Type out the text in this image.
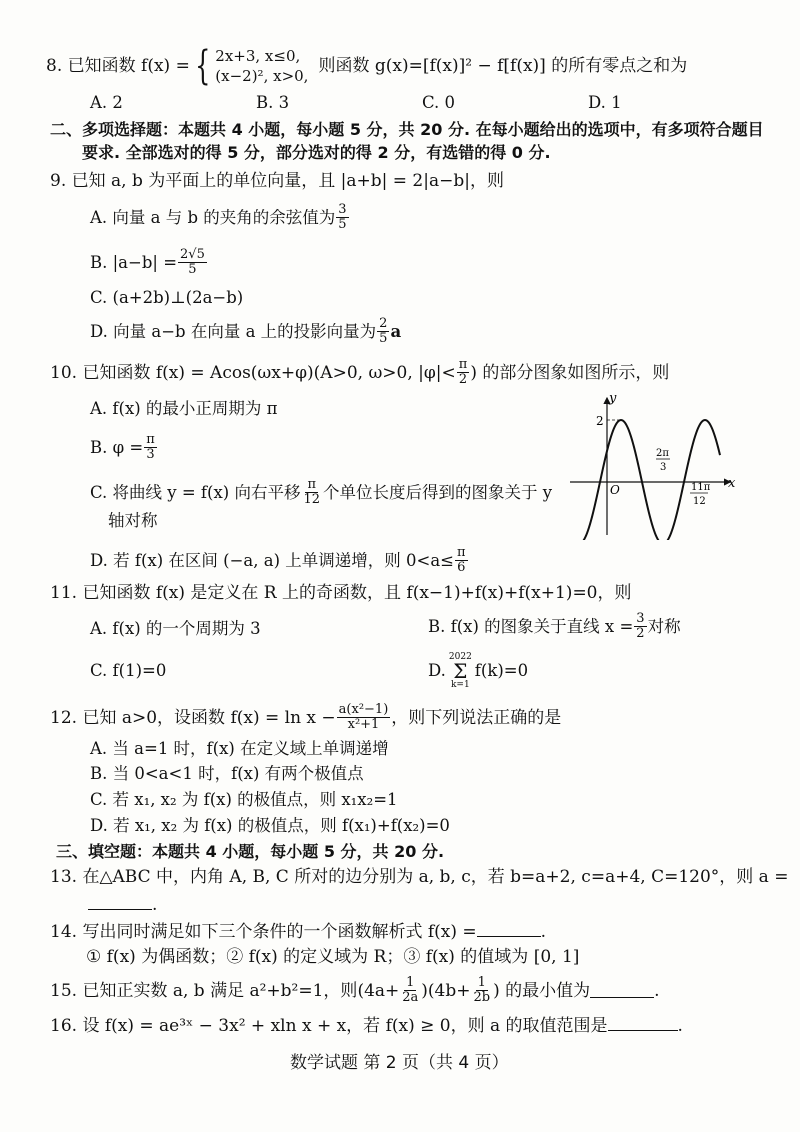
8. 已知函数 f(x) = { 2x+3, x≤0,
(x−2)², x>0, 则函数 g(x)=[f(x)]² − f[f(x)] 的所有零点之和为
A. 2	B. 3	C. 0	D. 1
二、多项选择题：本题共 4 小题，每小题 5 分，共 20 分. 在每小题给出的选项中，有多项符合题目
要求. 全部选对的得 5 分，部分选对的得 2 分，有选错的得 0 分.
9. 已知 a, b 为平面上的单位向量，且 |a+b| = 2|a−b|，则
A. 向量 a 与 b 的夹角的余弦值为 $\frac{3}{5}$
B. $|a-b| = \frac{2√5}{5}$
C. (a+2b)⊥(2a−b)
D. 向量 a−b 在向量 a 上的投影向量为 $\frac{2}{5}$ a
10. 已知函数 f(x) = Acos(ωx+φ) (A>0, ω>0, $|\varphi|< \frac{\pi}{2}$ ) 的部分图象如图所示，则
A. f(x) 的最小正周期为 π
B. $\varphi = \frac{\pi}{3}$
C. 将曲线 y = f(x) 向右平移 $\frac{\pi}{12}$ 个单位长度后得到的图象关于 y
轴对称
D. 若 f(x) 在区间 (−a, a) 上单调递增，则 $0<a\le \frac{\pi}{6}$
y
x
O
2
2π
3
11π
12
11. 已知函数 f(x) 是定义在 R 上的奇函数，且 f(x−1)+f(x)+f(x+1)=0，则
A. f(x) 的一个周期为 3	B. f(x) 的图象关于直线 $x = \frac{3}{2}$ 对称
C. f(1)=0	D.
2022
Σ
k=1
f(k)=0
12. 已知 a>0，设函数 $f(x) = \ln x - \frac{\text{a(x²−1)}}{\text{x²+1}}$ ，则下列说法正确的是
A. 当 a=1 时，f(x) 在定义域上单调递增
B. 当 0<a<1 时，f(x) 有两个极值点
C. 若 x₁, x₂ 为 f(x) 的极值点，则 x₁x₂=1
D. 若 x₁, x₂ 为 f(x) 的极值点，则 f(x₁)+f(x₂)=0
三、填空题：本题共 4 小题，每小题 5 分，共 20 分.
13. 在△ABC 中，内角 A, B, C 所对的边分别为 a, b, c，若 b=a+2, c=a+4, C=120°，则 a =
.
14. 写出同时满足如下三个条件的一个函数解析式 f(x) =	.
① f(x) 为偶函数；② f(x) 的定义域为 R；③ f(x) 的值域为 [0, 1]
15. 已知正实数 a, b 满足 a²+b²=1，则 $(4a+ \frac{1}{2a} )(4b+ \frac{1}{2b}$ ) 的最小值为	.
16. 设 f(x) = ae³ˣ − 3x² + xln x + x，若 f(x) ≥ 0，则 a 的取值范围是	.
数学试题 第 2 页（共 4 页）
